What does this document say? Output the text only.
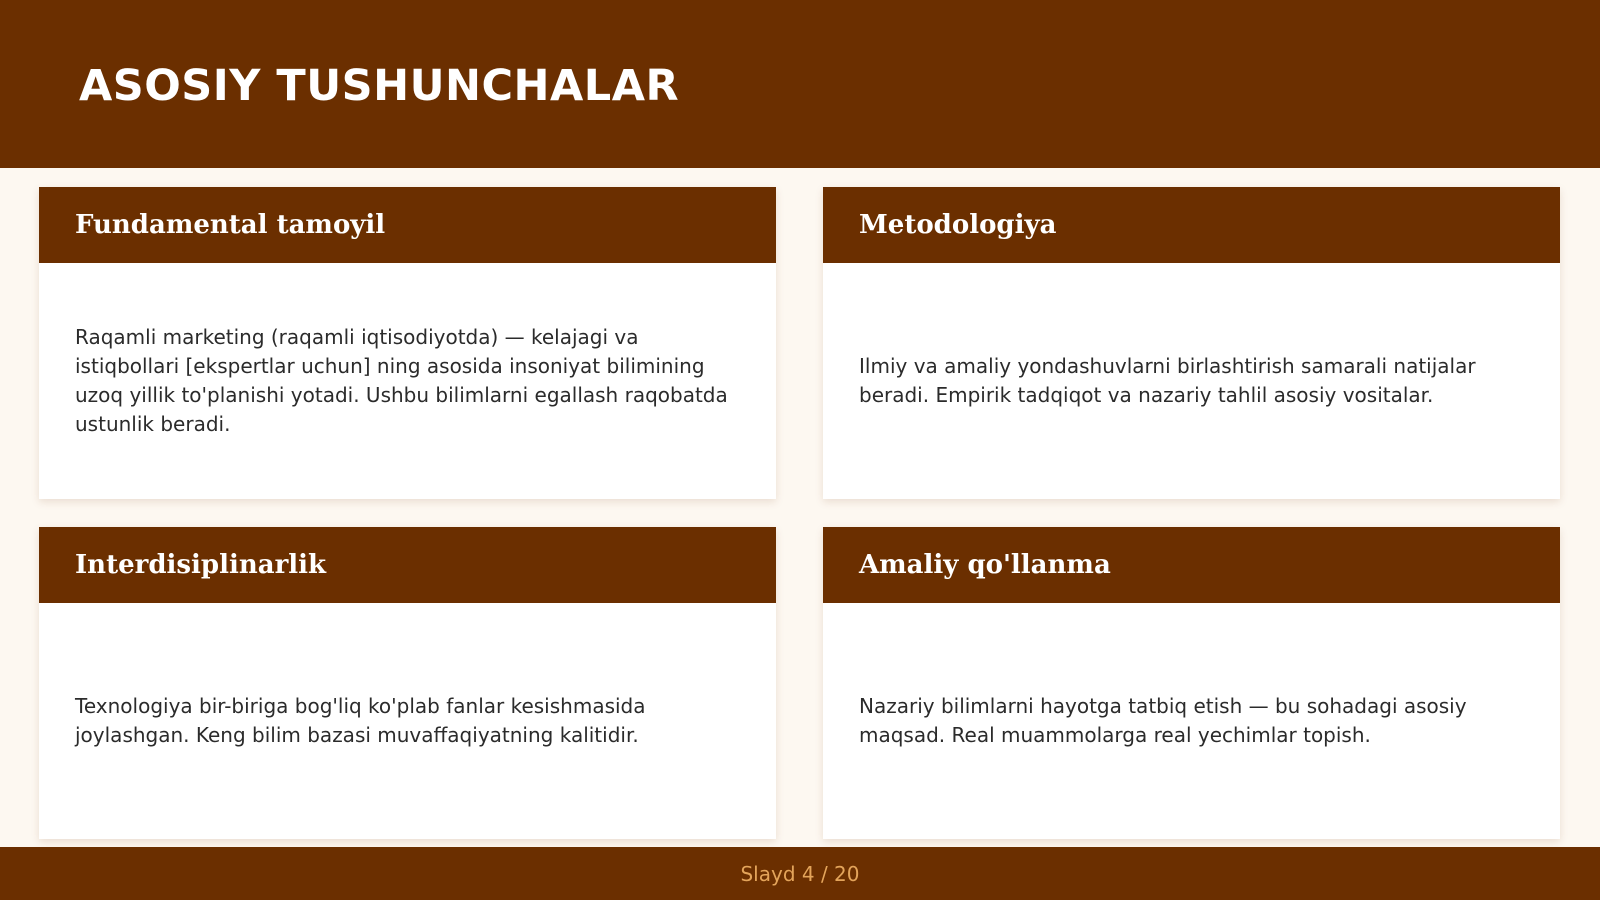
ASOSIY TUSHUNCHALAR
Fundamental tamoyil

Raqamli marketing (raqamli iqtisodiyotda) — kelajagi va istiqbollari [ekspertlar uchun] ning asosida insoniyat bilimining uzoq yillik to'planishi yotadi. Ushbu bilimlarni egallash raqobatda ustunlik beradi.

Metodologiya

Ilmiy va amaliy yondashuvlarni birlashtirish samarali natijalar beradi. Empirik tadqiqot va nazariy tahlil asosiy vositalar.

Interdisiplinarlik

Texnologiya bir-biriga bog'liq ko'plab fanlar kesishmasida joylashgan. Keng bilim bazasi muvaffaqiyatning kalitidir.

Amaliy qo'llanma

Nazariy bilimlarni hayotga tatbiq etish — bu sohadagi asosiy maqsad. Real muammolarga real yechimlar topish.

Slayd 4 / 20
